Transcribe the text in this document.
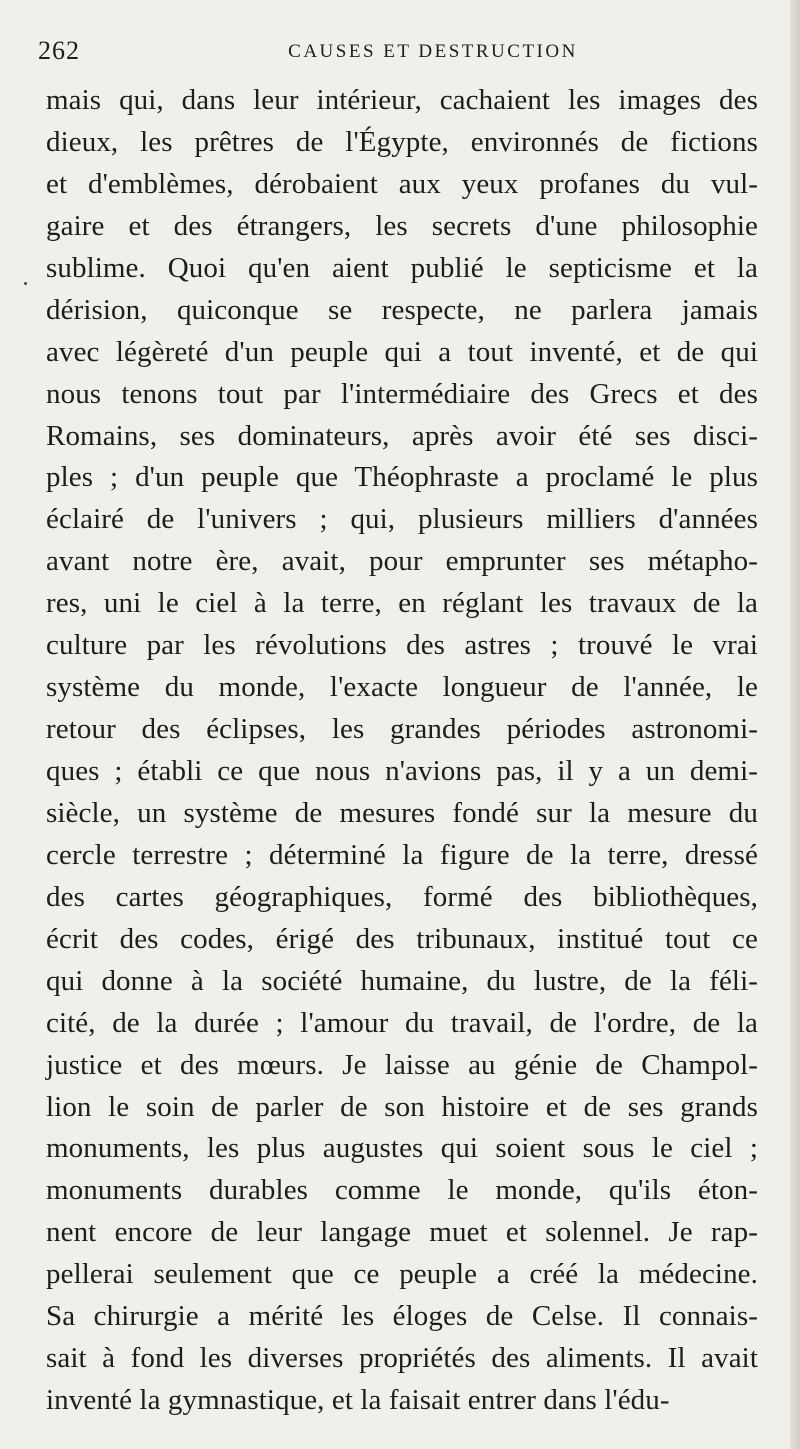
262	CAUSES ET DESTRUCTION
mais qui, dans leur intérieur, cachaient les images des
dieux, les prêtres de l'Égypte, environnés de fictions
et d'emblèmes, dérobaient aux yeux profanes du vul-
gaire et des étrangers, les secrets d'une philosophie
sublime. Quoi qu'en aient publié le septicisme et la
dérision, quiconque se respecte, ne parlera jamais
avec légèreté d'un peuple qui a tout inventé, et de qui
nous tenons tout par l'intermédiaire des Grecs et des
Romains, ses dominateurs, après avoir été ses disci-
ples ; d'un peuple que Théophraste a proclamé le plus
éclairé de l'univers ; qui, plusieurs milliers d'années
avant notre ère, avait, pour emprunter ses métapho-
res, uni le ciel à la terre, en réglant les travaux de la
culture par les révolutions des astres ; trouvé le vrai
système du monde, l'exacte longueur de l'année, le
retour des éclipses, les grandes périodes astronomi-
ques ; établi ce que nous n'avions pas, il y a un demi-
siècle, un système de mesures fondé sur la mesure du
cercle terrestre ; déterminé la figure de la terre, dressé
des cartes géographiques, formé des bibliothèques,
écrit des codes, érigé des tribunaux, institué tout ce
qui donne à la société humaine, du lustre, de la féli-
cité, de la durée ; l'amour du travail, de l'ordre, de la
justice et des mœurs. Je laisse au génie de Champol-
lion le soin de parler de son histoire et de ses grands
monuments, les plus augustes qui soient sous le ciel ;
monuments durables comme le monde, qu'ils éton-
nent encore de leur langage muet et solennel. Je rap-
pellerai seulement que ce peuple a créé la médecine.
Sa chirurgie a mérité les éloges de Celse. Il connais-
sait à fond les diverses propriétés des aliments. Il avait
inventé la gymnastique, et la faisait entrer dans l'édu-
